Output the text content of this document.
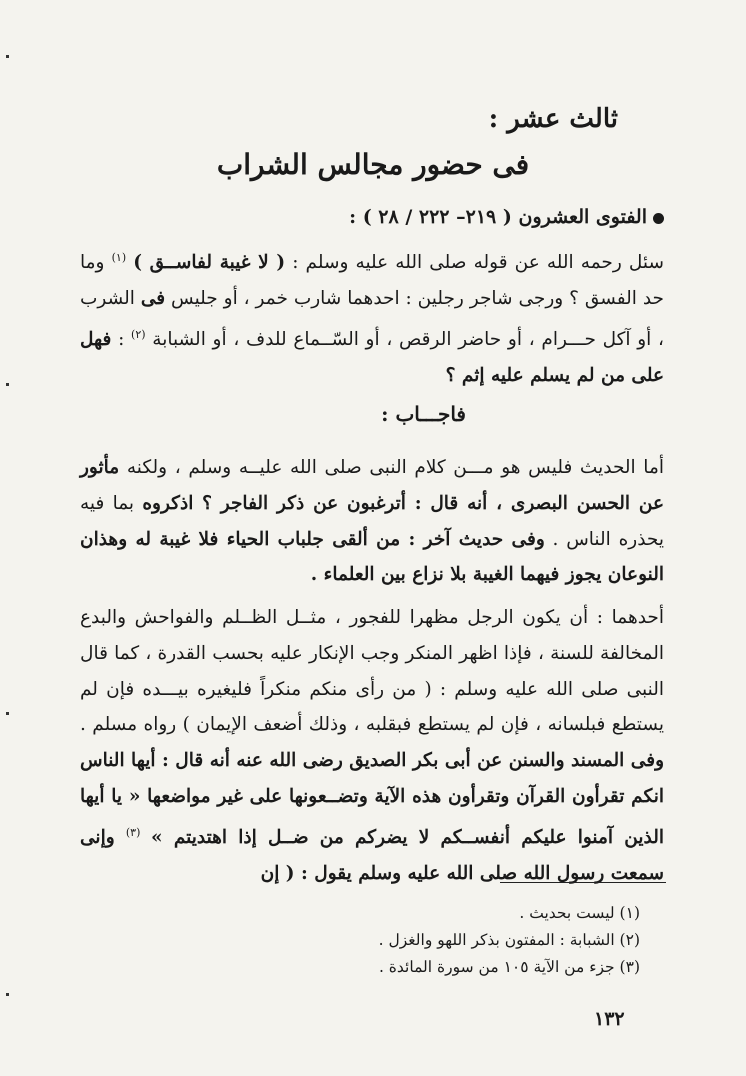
ثالث عشر :
فى حضور مجالس الشراب
الفتوى العشرون ( ٢١٩– ٢٢٢ / ٢٨ ) :
سئل رحمه الله عن قوله صلى الله عليه وسلم : ( لا غيبة لفاســق ) $^{(١)}$ وما حد الفسق ؟ ورجى شاجر رجلين : احدهما شارب خمر ، أو جليس فى الشرب ، أو آكل حـــرام ، أو حاضر الرقص ، أو السّــماع للدف ، أو الشبابة $^{(٢)}$ : فهل على من لم يسلم عليه إثم ؟
فاجـــاب :
أما الحديث فليس هو مـــن كلام النبى صلى الله عليــه وسلم ، ولكنه مأثور عن الحسن البصرى ، أنه قال : أترغبون عن ذكر الفاجر ؟ اذكروه بما فيه يحذره الناس . وفى حديث آخر : من ألقى جلباب الحياء فلا غيبة له وهذان النوعان يجوز فيهما الغيبة بلا نزاع بين العلماء .
أحدهما : أن يكون الرجل مظهرا للفجور ، مثــل الظــلم والفواحش والبدع المخالفة للسنة ، فإذا اظهر المنكر وجب الإنكار عليه بحسب القدرة ، كما قال النبى صلى الله عليه وسلم : ( من رأى منكم منكراً فليغيره بيـــده فإن لم يستطع فبلسانه ، فإن لم يستطع فبقلبه ، وذلك أضعف الإيمان ) رواه مسلم . وفى المسند والسنن عن أبى بكر الصديق رضى الله عنه أنه قال : أيها الناس انكم تقرأون القرآن وتقرأون هذه الآية وتضــعونها على غير مواضعها « يا أيها الذين آمنوا عليكم أنفســكم لا يضركم من ضــل إذا اهتديتم » $^{(٣)}$ وإنى سمعت رسول الله صلى الله عليه وسلم يقول : ( إن
(١) ليست بحديث .
(٢) الشبابة : المفتون بذكر اللهو والغزل .
(٣) جزء من الآية ١٠٥ من سورة المائدة .
١٣٢
